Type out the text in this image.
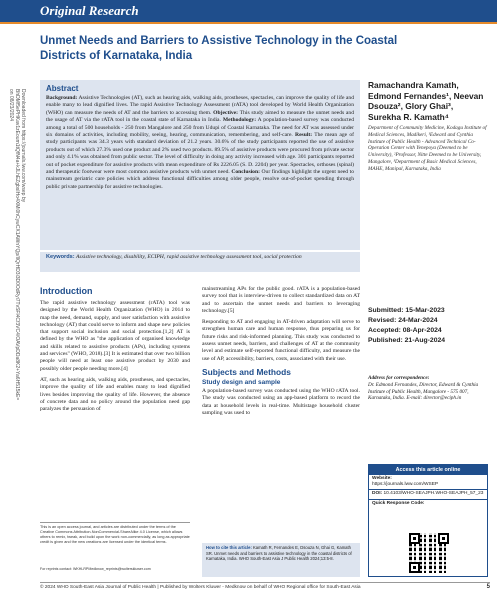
Original Research
Downloaded from https://journals.lww.com/wsep by BhDMf5ePHKav1zEoum1tQfN4a+kJLhEZgbsIHo4XMi0hCywCX1AWnYQp/IlQrHD3i3D0OdRyi7TvSFl4Cf3VC4/OAVpDDa8K2+Ya6H515kE= on 08/23/2024
Unmet Needs and Barriers to Assistive Technology in the Coastal Districts of Karnataka, India
Abstract
Background: Assistive Technologies (AT), such as hearing aids, walking aids, prostheses, spectacles, can improve the quality of life and enable many to lead dignified lives. The rapid Assistive Technology Assessment (rATA) tool developed by World Health Organization (WHO) can measure the needs of AT and the barriers to accessing them. Objective: This study aimed to measure the unmet needs and the usage of AT via the rATA tool in the coastal state of Karnataka in India. Methodology: A population-based survey was conducted among a total of 500 households - 250 from Mangalore and 250 from Udupi of Coastal Karnataka. The need for AT was assessed under six domains of activities, including mobility, seeing, hearing, communication, remembering, and self-care. Result: The mean age of study participants was 34.3 years with standard deviation of 21.2 years. 30.6% of the study participants reported the use of assistive products out of which 27.3% used one product and 2% used two products. 89.5% of assistive products were procured from private sector and only 4.1% was obtained from public sector. The level of difficulty in doing any activity increased with age. 301 participants reported out of pocket expenditure for assistive products with mean expenditure of Rs 2226.05 (S. D. 2204) per year. Spectacles, orthoses (spinal) and therapeutic footwear were most common assistive products with unmet need. Conclusion: Our findings highlight the urgent need to mainstream geriatric care policies which address functional difficulties among older people, resolve out-of-pocket spending through public private partnership for assistive technologies.
Keywords: Assistive technology, disability, ECIPH, rapid assistive technology assessment tool, social protection
Ramachandra Kamath, Edmond Fernandes¹, Neevan Dsouza², Glory Ghai³, Surekha R. Kamath⁴
Department of Community Medicine, Kodagu Institute of Medical Sciences, Madikeri, ¹Edward and Cynthia Institute of Public Health - Advanced Technical Co-Operation Center with Yenepoya (Deemed to be University), ²Professor, Nitte Deemed to be University, Mangalore, ³Department of Basic Medical Sciences, MAHE, Manipal, Karnataka, India
Introduction
The rapid assistive technology assessment (rATA) tool was designed by the World Health Organization (WHO) in 2014 to map the need, demand, supply, and user satisfaction with assistive technology (AT) that could serve to inform and shape new policies that support social inclusion and social protection.[1,2] AT is defined by the WHO as "the application of organised knowledge and skills related to assistive products (APs), including systems and services" (WHO, 2018).[3] It is estimated that over two billion people will need at least one assistive product by 2030 and possibly older people needing more.[4]
AT, such as hearing aids, walking aids, prostheses, and spectacles, improve the quality of life and enables many to lead dignified lives besides improving the quality of life. However, the absence of concrete data and no policy around the population need gap paralyzes the persuasion of
This is an open access journal, and articles are distributed under the terms of the Creative Commons Attribution-NonCommercial-ShareAlike 4.0 License, which allows others to remix, tweak, and build upon the work non-commercially, as long as appropriate credit is given and the new creations are licensed under the identical terms.
For reprints contact: WKHLRPMedknow_reprints@wolterskluwer.com
mainstreaming APs for the public good. rATA is a population-based survey tool that is interview-driven to collect standardized data on AT and to ascertain the unmet needs and barriers to leveraging technology.[5]
Responding to AT and engaging in AT-driven adaptation will serve to strengthen human care and human response, thus preparing us for future risks and risk-informed planning. This study was conducted to assess unmet needs, barriers, and challenges of AT at the community level and estimate self-reported functional difficulty, and measure the use of AP, accessibility, barriers, costs, associated with their use.
Subjects and Methods
Study design and sample
A population-based survey was conducted using the WHO rATA tool. The study was conducted using an app-based platform to record the data at household levels in real-time. Multistage household cluster sampling was used to
How to cite this article: Kamath R, Fernandes E, Dsouza N, Ghai G, Kamath SR. Unmet needs and barriers to assistive technology in the coastal districts of Karnataka, India. WHO South-East Asia J Public Health 2024;13:5-8.
Submitted: 15-Mar-2023
Revised: 24-Mar-2024
Accepted: 08-Apr-2024
Published: 21-Aug-2024
Address for correspondence:
Dr. Edmond Fernandes, Director, Edward & Cynthia Institute of Public Health, Mangalore - 575 007, Karnataka, India. E-mail: director@eciph.in
Access this article online
Website:
https://journals.lww.com/WSEP
DOI: 10.4103/WHO-SEAJPH.WHO-SEAJPH_57_23
Quick Response Code:
© 2024 WHO South-East Asia Journal of Public Health | Published by Wolters Kluwer - Medknow on behalf of WHO Regional office for South-East Asia	5
